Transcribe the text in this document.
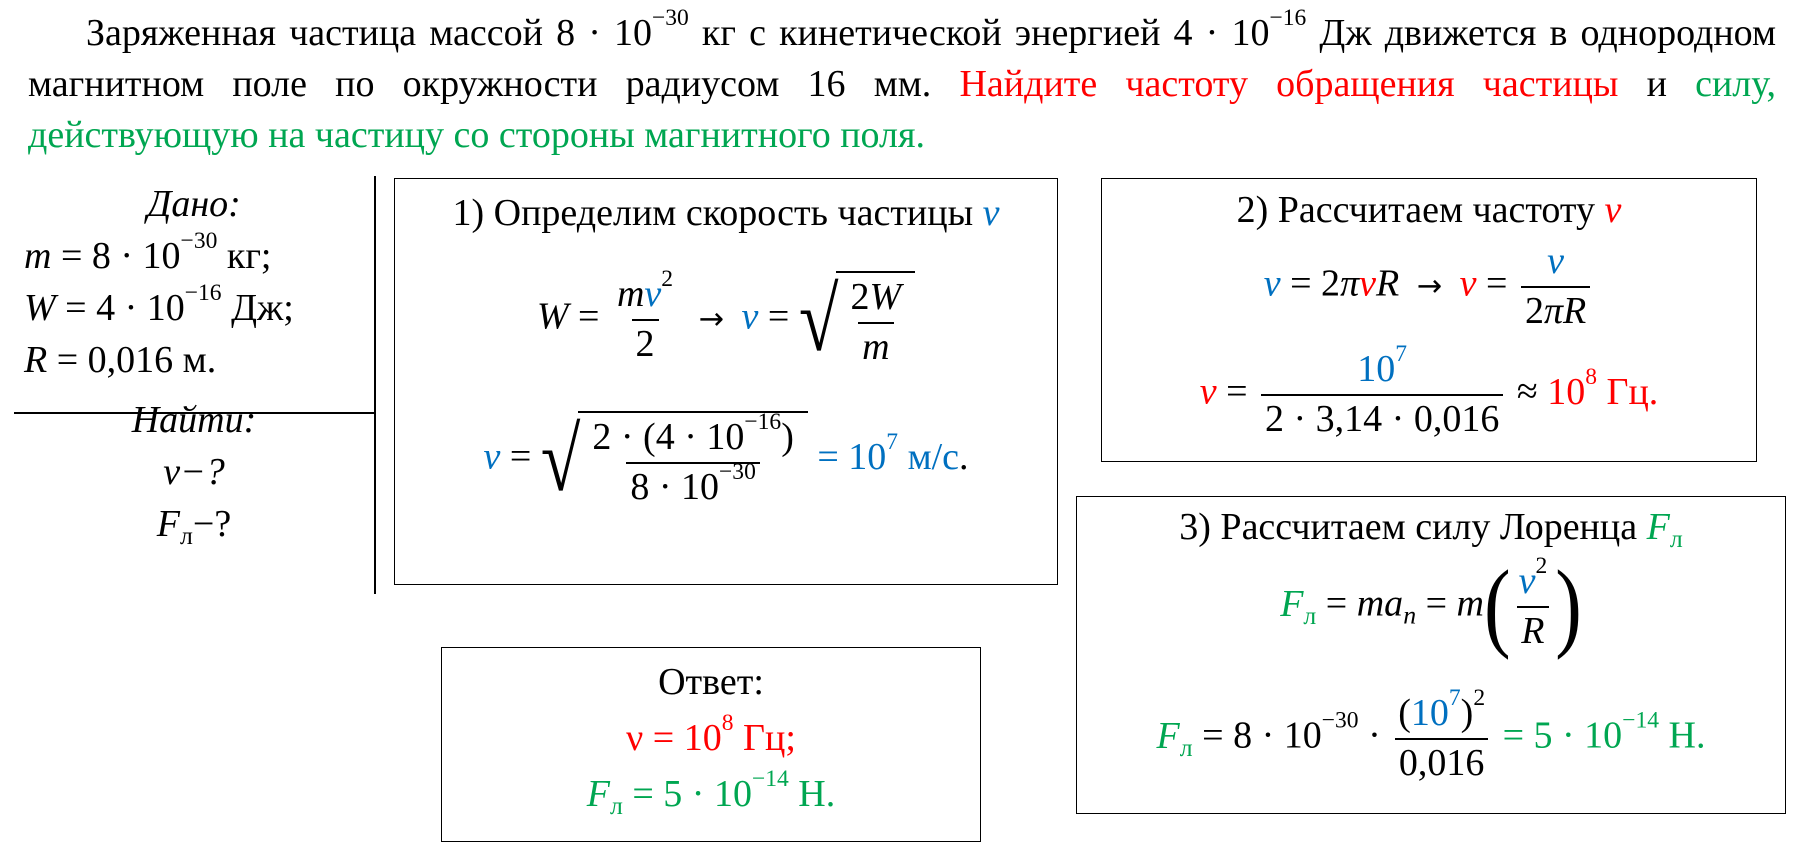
Заряженная частица массой $8 \cdot 10^{-30}$ кг с кинетической энергией $4 \cdot 10^{-16}$ Дж движется в однородном магнитном поле по окружности радиусом 16 мм. Найдите частоту обращения частицы и силу, действующую на частицу со стороны магнитного поля.
Дано:
$m = 8 \cdot 10^{-30}$ кг;
$W = 4 \cdot 10^{-16}$ Дж;
R = 0,016 м.
Найти:
ν−?
$F_л-$?
1) Определим скорость частицы v
$W = \frac{mv^2}{2} \to v$ = √ $\frac{2W}{m}$
v = √ $\frac{2 \cdot (4 \cdot 10^{-16})}{8 \cdot 10^{-30}} = 10^7$ м/с.
2) Рассчитаем частоту ν
$v = 2\pi\nu R \to \nu = \frac{v}{2\pi R}$
$\nu = \frac{10^7}{2 \cdot 3,14 \cdot 0,016} \approx 10^8$ Гц.
3) Рассчитаем силу Лоренца $F_л$
$F_л = ma_n = m( \frac{v^2}{R}$ )
$F_л = 8 \cdot 10^{-30} \cdot \frac{(10^7)^2}{0,016} = 5 \cdot 10^{-14}$ Н.
Ответ:
$\nu = 10^8$ Гц;
$F_л = 5 \cdot 10^{-14}$ Н.
